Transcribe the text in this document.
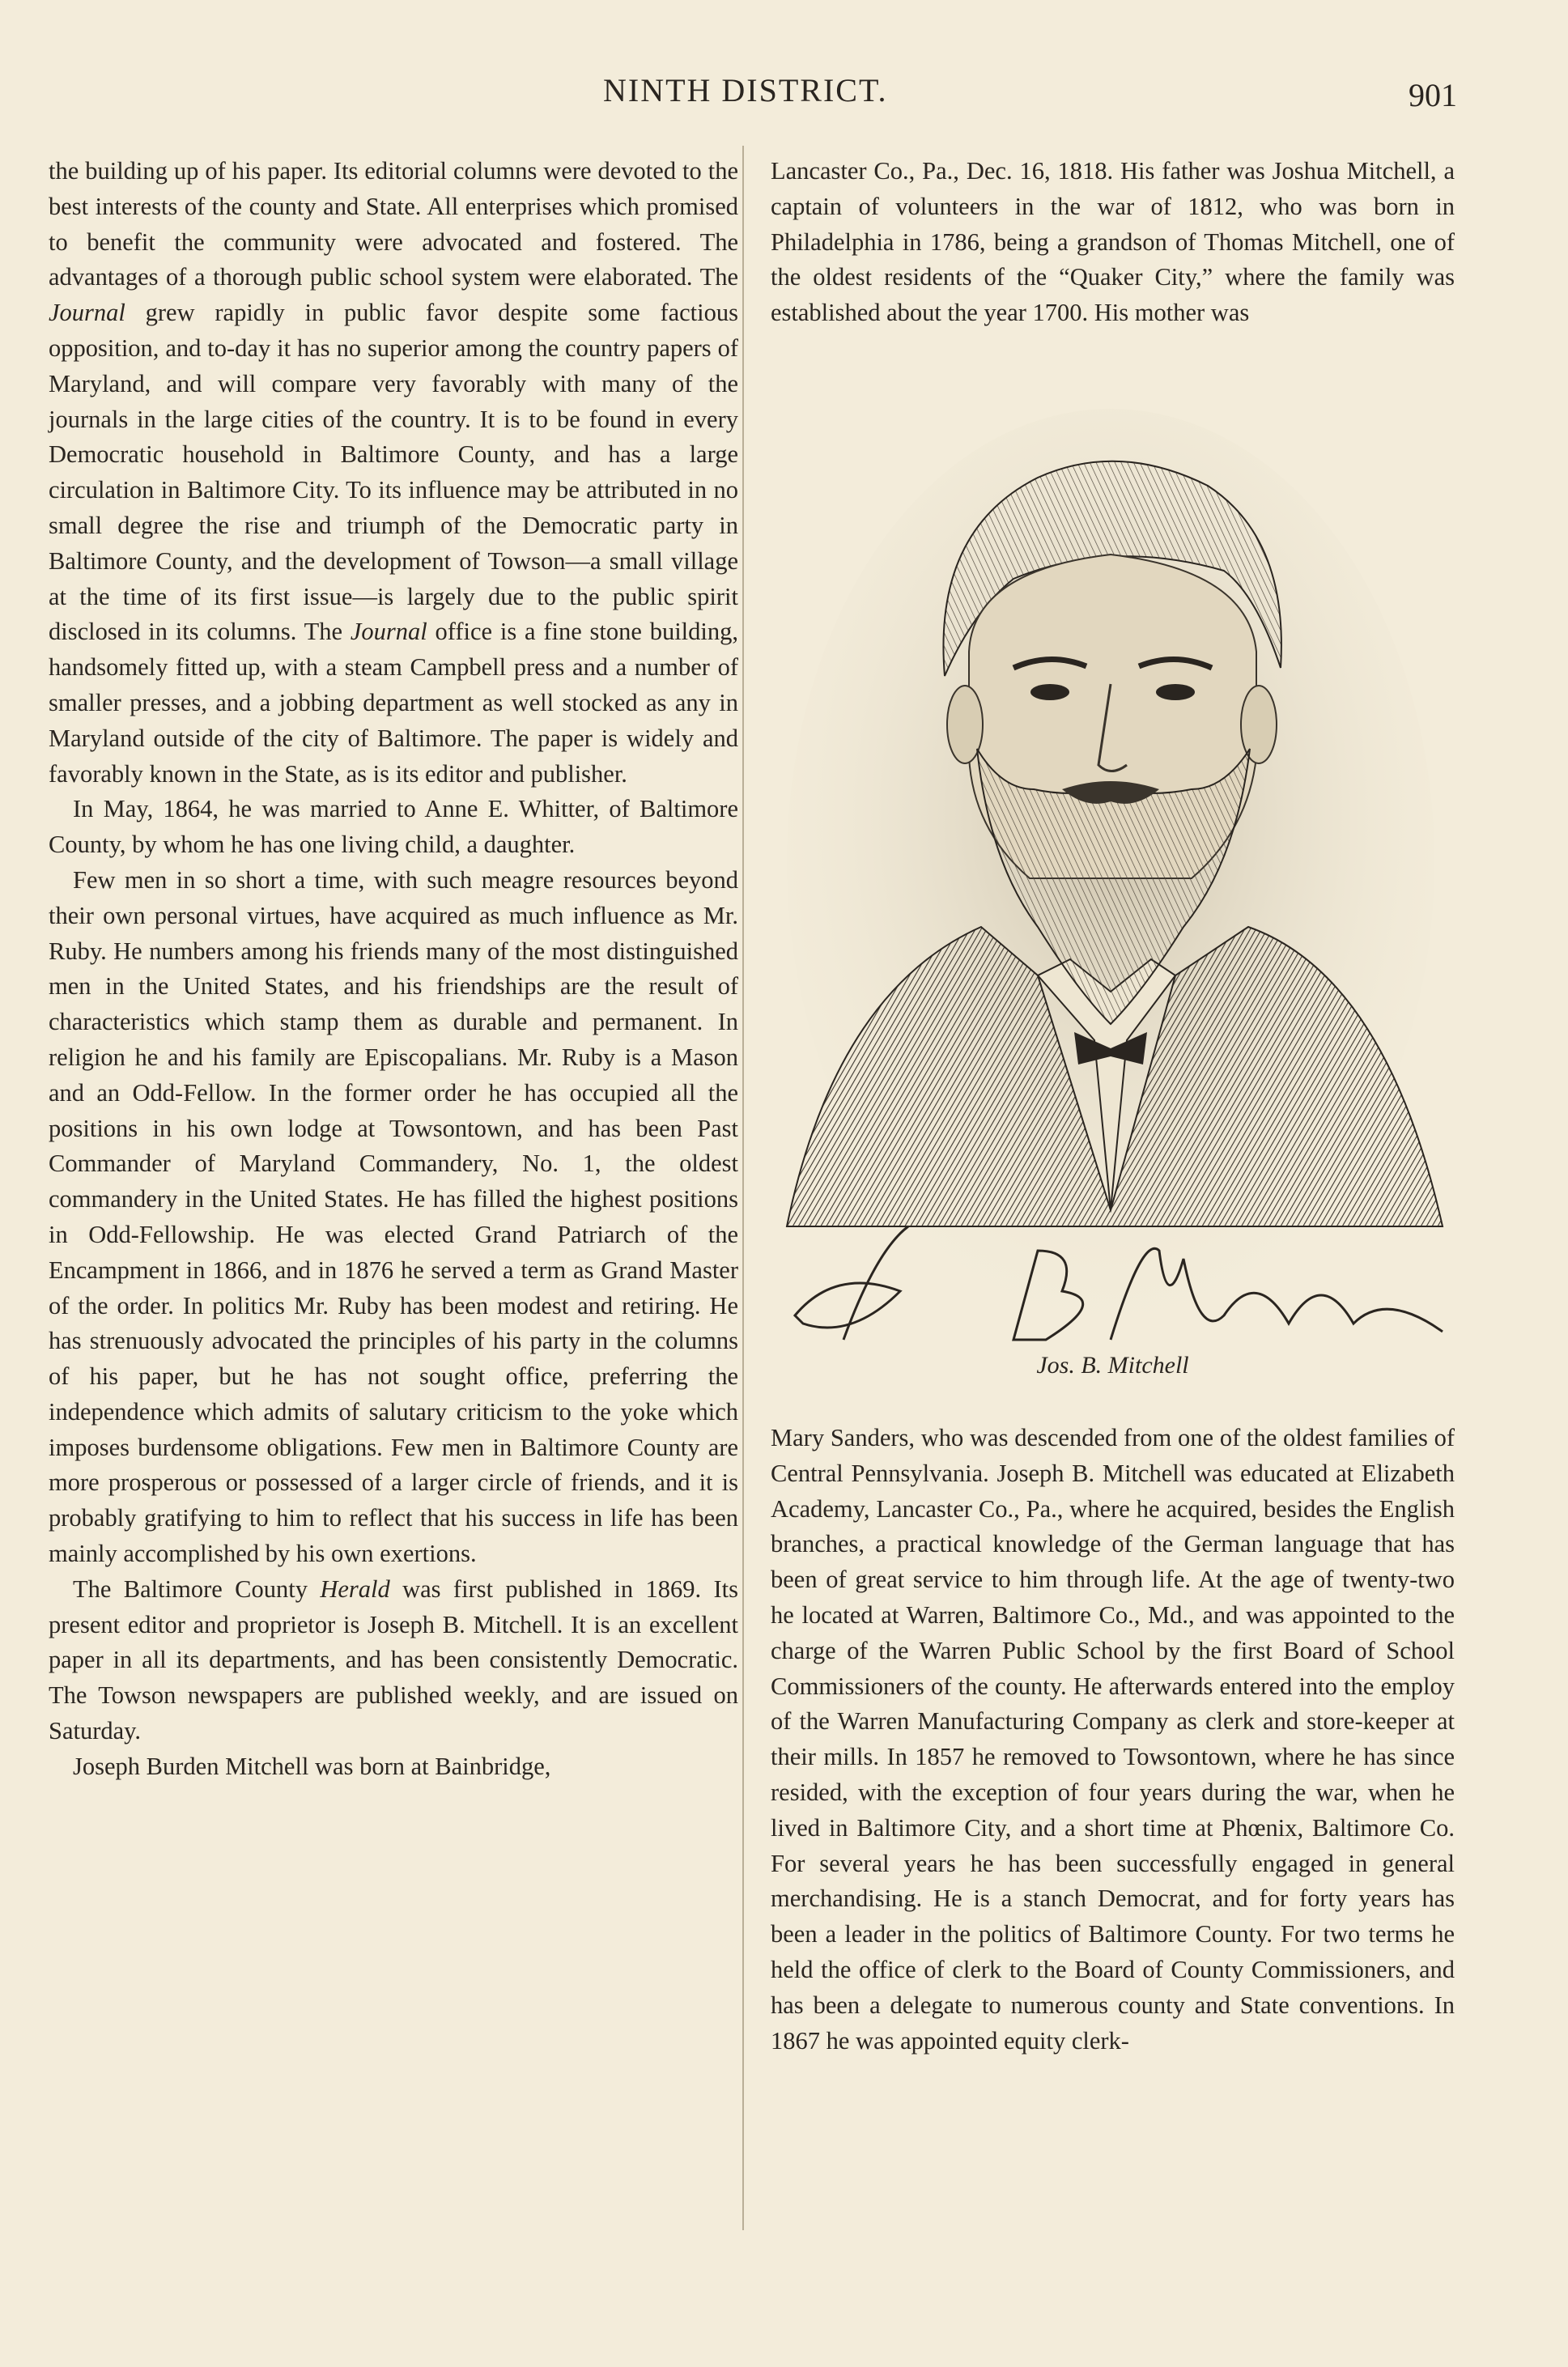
NINTH DISTRICT.	901

the building up of his paper. Its editorial columns were devoted to the best interests of the county and State. All enterprises which promised to benefit the community were advocated and fostered. The advantages of a thorough public school system were elaborated. The Journal grew rapidly in public favor despite some factious opposition, and to-day it has no superior among the country papers of Maryland, and will compare very favorably with many of the journals in the large cities of the country. It is to be found in every Democratic household in Baltimore County, and has a large circulation in Baltimore City. To its influence may be attributed in no small degree the rise and triumph of the Democratic party in Baltimore County, and the development of Towson—a small village at the time of its first issue—is largely due to the public spirit disclosed in its columns. The Journal office is a fine stone building, handsomely fitted up, with a steam Campbell press and a number of smaller presses, and a jobbing department as well stocked as any in Maryland outside of the city of Baltimore. The paper is widely and favorably known in the State, as is its editor and publisher.

In May, 1864, he was married to Anne E. Whitter, of Baltimore County, by whom he has one living child, a daughter.

Few men in so short a time, with such meagre resources beyond their own personal virtues, have acquired as much influence as Mr. Ruby. He numbers among his friends many of the most distinguished men in the United States, and his friendships are the result of characteristics which stamp them as durable and permanent. In religion he and his family are Episcopalians. Mr. Ruby is a Mason and an Odd-Fellow. In the former order he has occupied all the positions in his own lodge at Towsontown, and has been Past Commander of Maryland Commandery, No. 1, the oldest commandery in the United States. He has filled the highest positions in Odd-Fellowship. He was elected Grand Patriarch of the Encampment in 1866, and in 1876 he served a term as Grand Master of the order. In politics Mr. Ruby has been modest and retiring. He has strenuously advocated the principles of his party in the columns of his paper, but he has not sought office, preferring the independence which admits of salutary criticism to the yoke which imposes burdensome obligations. Few men in Baltimore County are more prosperous or possessed of a larger circle of friends, and it is probably gratifying to him to reflect that his success in life has been mainly accomplished by his own exertions.

The Baltimore County Herald was first published in 1869. Its present editor and proprietor is Joseph B. Mitchell. It is an excellent paper in all its departments, and has been consistently Democratic. The Towson newspapers are published weekly, and are issued on Saturday.

Joseph Burden Mitchell was born at Bainbridge,

Lancaster Co., Pa., Dec. 16, 1818. His father was Joshua Mitchell, a captain of volunteers in the war of 1812, who was born in Philadelphia in 1786, being a grandson of Thomas Mitchell, one of the oldest residents of the “Quaker City,” where the family was established about the year 1700. His mother was

Jos. B. Mitchell

Mary Sanders, who was descended from one of the oldest families of Central Pennsylvania. Joseph B. Mitchell was educated at Elizabeth Academy, Lancaster Co., Pa., where he acquired, besides the English branches, a practical knowledge of the German language that has been of great service to him through life. At the age of twenty-two he located at Warren, Baltimore Co., Md., and was appointed to the charge of the Warren Public School by the first Board of School Commissioners of the county. He afterwards entered into the employ of the Warren Manufacturing Company as clerk and store-keeper at their mills. In 1857 he removed to Towsontown, where he has since resided, with the exception of four years during the war, when he lived in Baltimore City, and a short time at Phœnix, Baltimore Co. For several years he has been successfully engaged in general merchandising. He is a stanch Democrat, and for forty years has been a leader in the politics of Baltimore County. For two terms he held the office of clerk to the Board of County Commissioners, and has been a delegate to numerous county and State conventions. In 1867 he was appointed equity clerk-
